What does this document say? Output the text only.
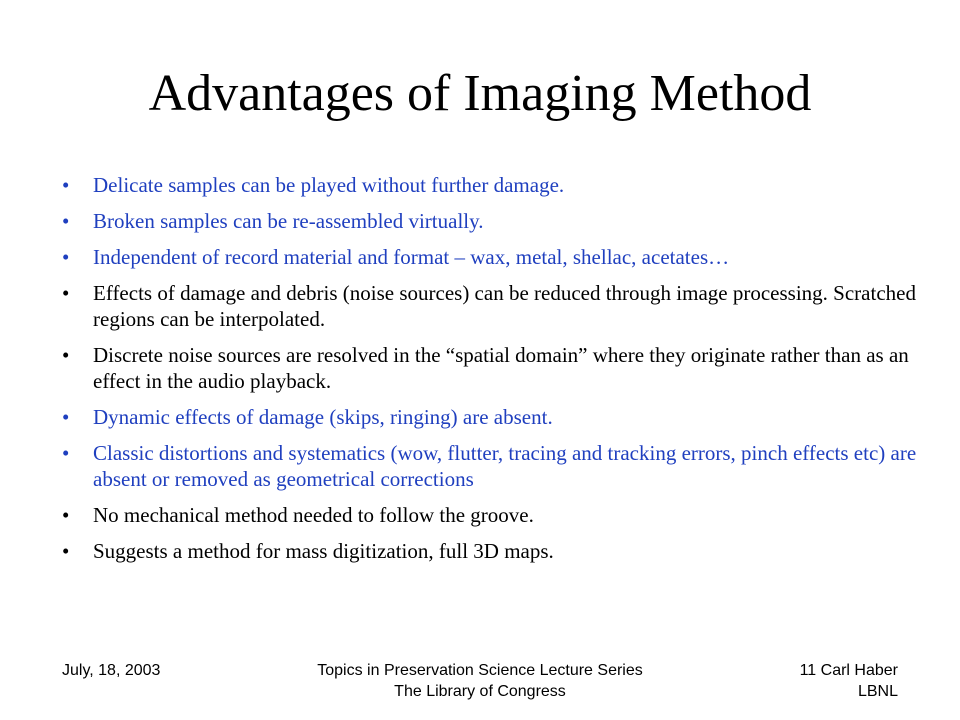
Advantages of Imaging Method
•	Delicate samples can be played without further damage.
•	Broken samples can be re-assembled virtually.
•	Independent of record material and format – wax, metal, shellac, acetates…
•	Effects of damage and debris (noise sources) can be reduced through image processing. Scratched regions can be interpolated.
•	Discrete noise sources are resolved in the “spatial domain” where they originate rather than as an effect in the audio playback.
•	Dynamic effects of damage (skips, ringing) are absent.
•	Classic distortions and systematics (wow, flutter, tracing and tracking errors, pinch effects etc) are absent or removed as geometrical corrections
•	No mechanical method needed to follow the groove.
•	Suggests a method for mass digitization, full 3D maps.
July, 18, 2003	Topics in Preservation Science Lecture Series
The Library of Congress
11 Carl Haber
LBNL
